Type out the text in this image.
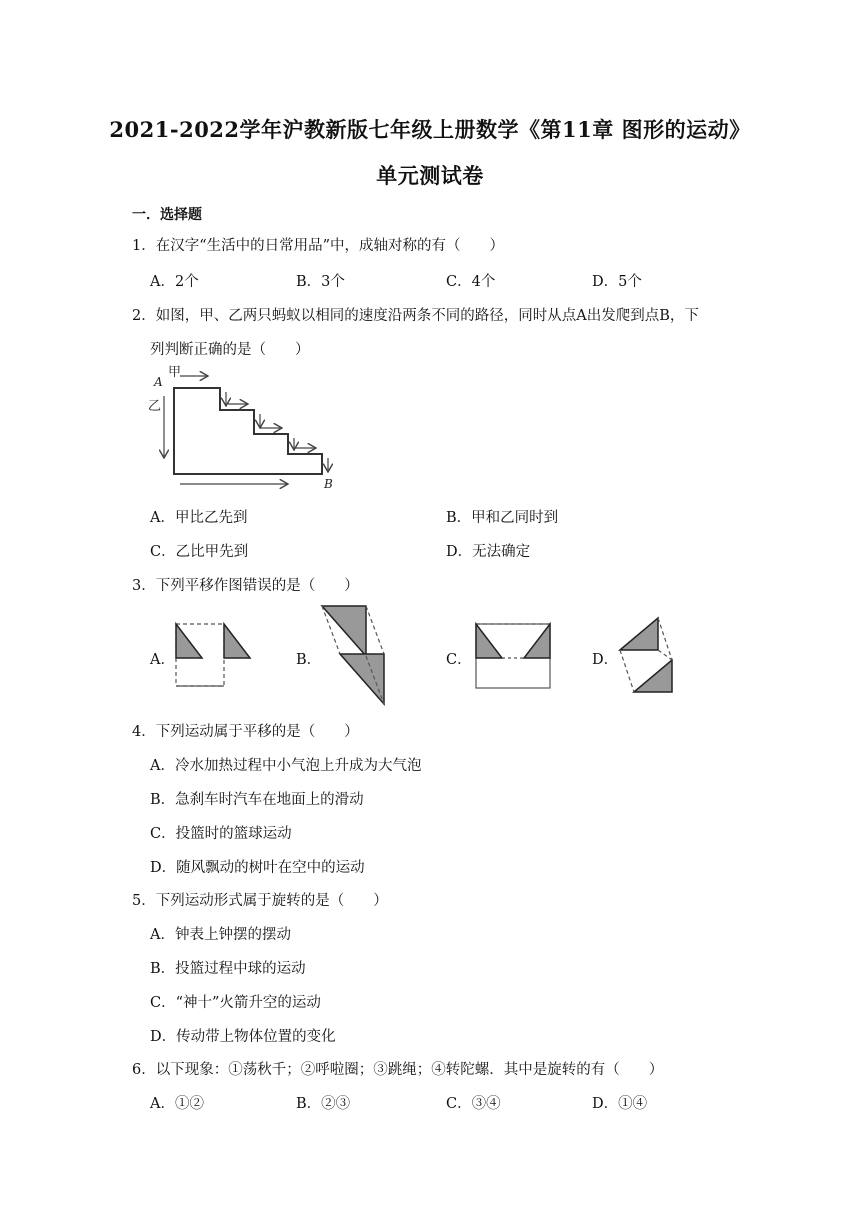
2021-2022学年沪教新版七年级上册数学《第11章 图形的运动》
单元测试卷
一．选择题
1．在汉字“生活中的日常用品”中，成轴对称的有（　　）
A．2个	B．3个	C．4个	D．5个
2．如图，甲、乙两只蚂蚁以相同的速度沿两条不同的路径，同时从点A出发爬到点B，下
列判断正确的是（　　）
甲
A
乙
B
A．甲比乙先到	B．甲和乙同时到
C．乙比甲先到	D．无法确定
3．下列平移作图错误的是（　　）
A．	B．	C．	D．
4．下列运动属于平移的是（　　）
A．冷水加热过程中小气泡上升成为大气泡
B．急刹车时汽车在地面上的滑动
C．投篮时的篮球运动
D．随风飘动的树叶在空中的运动
5．下列运动形式属于旋转的是（　　）
A．钟表上钟摆的摆动
B．投篮过程中球的运动
C．“神十”火箭升空的运动
D．传动带上物体位置的变化
6．以下现象：①荡秋千；②呼啦圈；③跳绳；④转陀螺．其中是旋转的有（　　）
A．①②	B．②③	C．③④	D．①④
